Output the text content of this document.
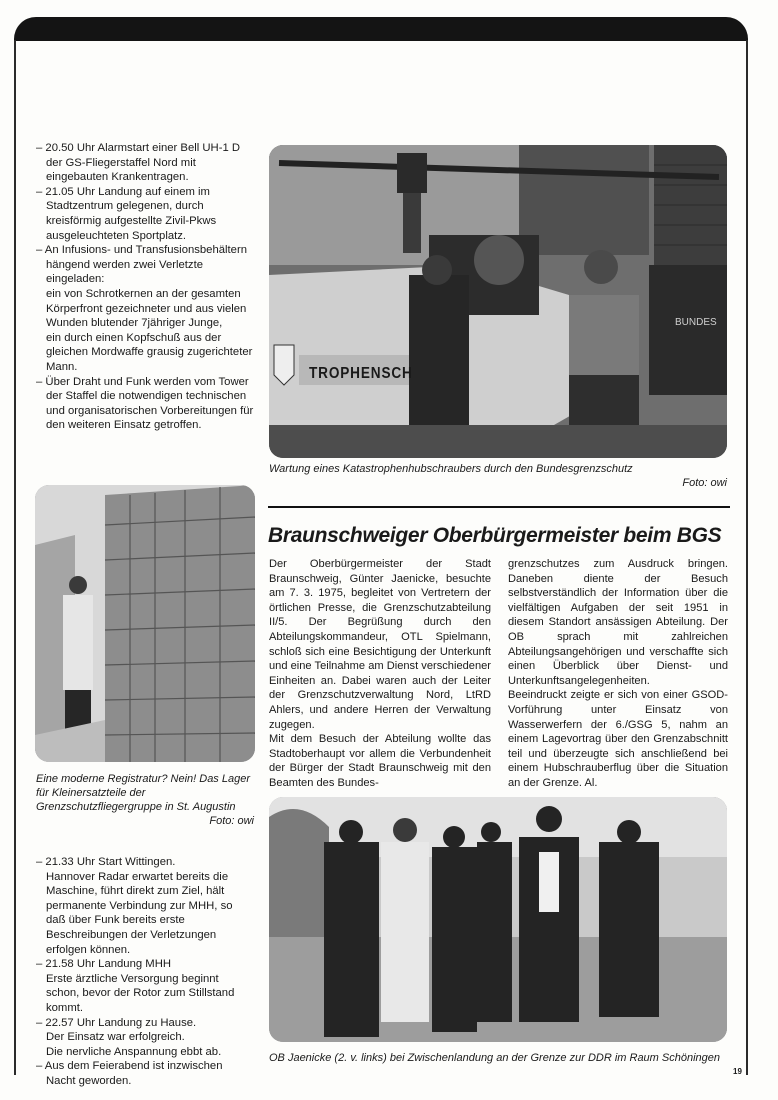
– 20.50 Uhr Alarmstart einer Bell UH-1 D der GS-Fliegerstaffel Nord mit eingebauten Krankentragen.

– 21.05 Uhr Landung auf einem im Stadtzentrum gelegenen, durch kreisförmig aufgestellte Zivil-Pkws ausgeleuchteten Sportplatz.

– An Infusions- und Transfusionsbehältern hängend werden zwei Verletzte eingeladen:

ein von Schrotkernen an der gesamten Körperfront gezeichneter und aus vielen Wunden blutender 7jähriger Junge,

ein durch einen Kopfschuß aus der gleichen Mordwaffe grausig zugerichteter Mann.

– Über Draht und Funk werden vom Tower der Staffel die notwendigen technischen und organisatorischen Vorbereitungen für den weiteren Einsatz getroffen.

TROPHENSCH
BUNDES
Wartung eines Katastrophenhubschraubers durch den Bundesgrenzschutz
Foto: owi
Eine moderne Registratur? Nein! Das Lager für Kleinersatzteile der Grenzschutzfliegergruppe in St. Augustin
Foto: owi
Braunschweiger Oberbürgermeister beim BGS

Der Oberbürgermeister der Stadt Braunschweig, Günter Jaenicke, besuchte am 7. 3. 1975, begleitet von Vertretern der örtlichen Presse, die Grenzschutzabteilung II/5. Der Begrüßung durch den Abteilungskommandeur, OTL Spielmann, schloß sich eine Besichtigung der Unterkunft und eine Teilnahme am Dienst verschiedener Einheiten an. Dabei waren auch der Leiter der Grenzschutzverwaltung Nord, LtRD Ahlers, und andere Herren der Verwaltung zugegen.

Mit dem Besuch der Abteilung wollte das Stadtoberhaupt vor allem die Verbundenheit der Bürger der Stadt Braunschweig mit den Beamten des Bundes-

grenzschutzes zum Ausdruck bringen. Daneben diente der Besuch selbstverständlich der Information über die vielfältigen Aufgaben der seit 1951 in diesem Standort ansässigen Abteilung. Der OB sprach mit zahlreichen Abteilungsangehörigen und verschaffte sich einen Überblick über Dienst- und Unterkunftsangelegenheiten.

Beeindruckt zeigte er sich von einer GSOD-Vorführung unter Einsatz von Wasserwerfern der 6./GSG 5, nahm an einem Lagevortrag über den Grenzabschnitt teil und überzeugte sich anschließend bei einem Hubschrauberflug über die Situation an der Grenze. Al.

OB Jaenicke (2. v. links) bei Zwischenlandung an der Grenze zur DDR im Raum Schöningen

– 21.33 Uhr Start Wittingen.

Hannover Radar erwartet bereits die Maschine, führt direkt zum Ziel, hält permanente Verbindung zur MHH, so daß über Funk bereits erste Beschreibungen der Verletzungen erfolgen können.

– 21.58 Uhr Landung MHH

Erste ärztliche Versorgung beginnt schon, bevor der Rotor zum Stillstand kommt.

– 22.57 Uhr Landung zu Hause.

Der Einsatz war erfolgreich.

Die nervliche Anspannung ebbt ab.

– Aus dem Feierabend ist inzwischen Nacht geworden.

19
